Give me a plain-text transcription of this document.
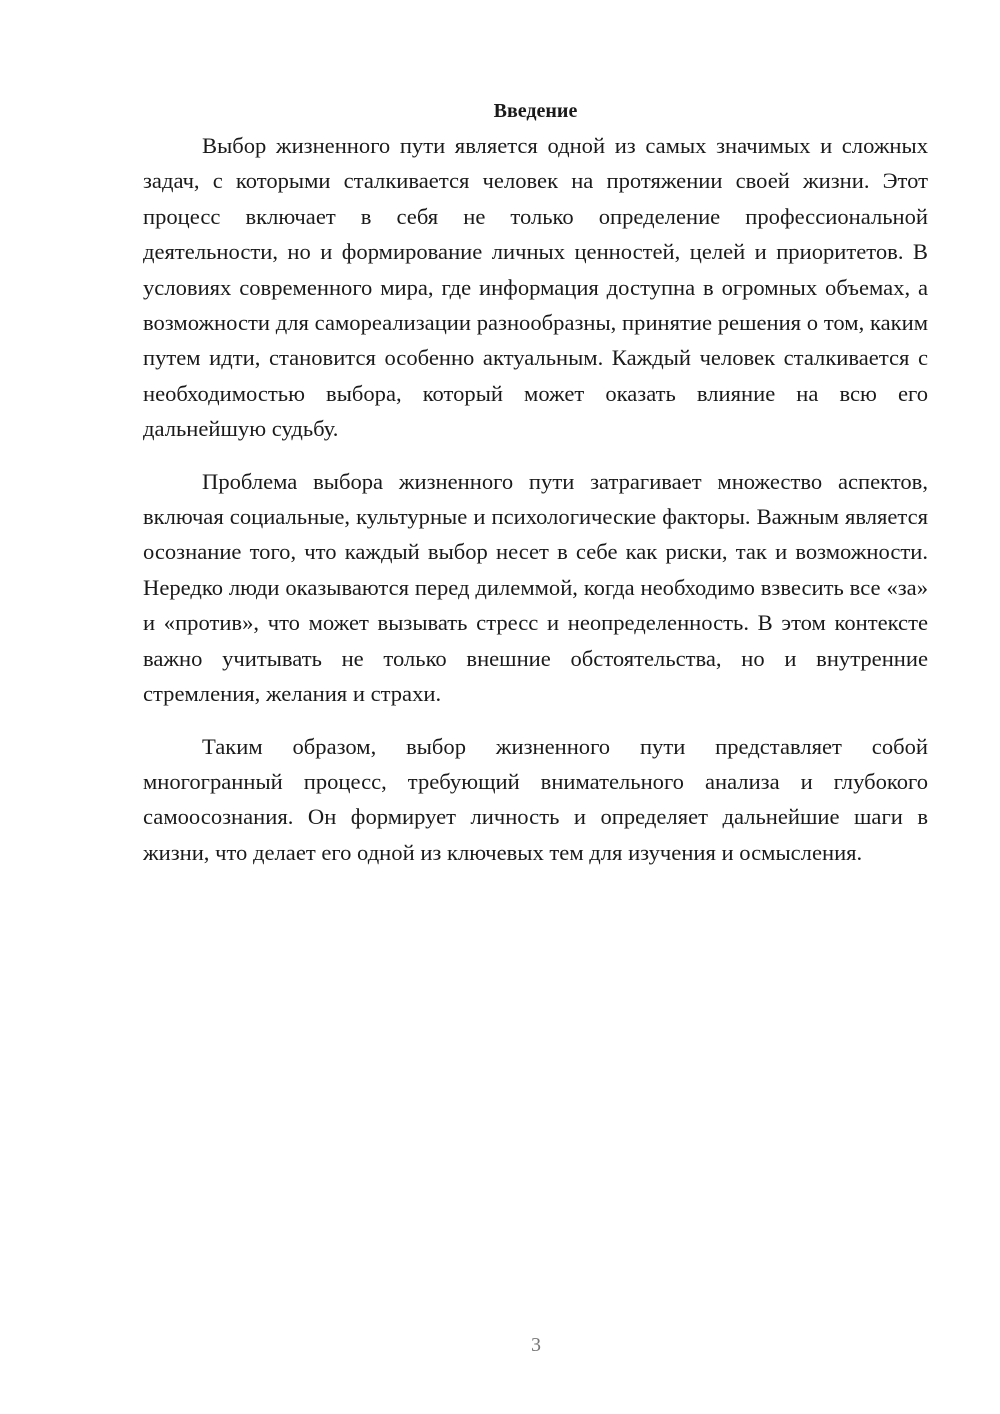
Введение

Выбор жизненного пути является одной из самых значимых и сложных задач, с которыми сталкивается человек на протяжении своей жизни. Этот процесс включает в себя не только определение профессиональной деятельности, но и формирование личных ценностей, целей и приоритетов. В условиях современного мира, где информация доступна в огромных объемах, а возможности для самореализации разнообразны, принятие решения о том, каким путем идти, становится особенно актуальным. Каждый человек сталкивается с необходимостью выбора, который может оказать влияние на всю его дальнейшую судьбу.

Проблема выбора жизненного пути затрагивает множество аспектов, включая социальные, культурные и психологические факторы. Важным является осознание того, что каждый выбор несет в себе как риски, так и возможности. Нередко люди оказываются перед дилеммой, когда необходимо взвесить все «за» и «против», что может вызывать стресс и неопределенность. В этом контексте важно учитывать не только внешние обстоятельства, но и внутренние стремления, желания и страхи.

Таким образом, выбор жизненного пути представляет собой многогранный процесс, требующий внимательного анализа и глубокого самоосознания. Он формирует личность и определяет дальнейшие шаги в жизни, что делает его одной из ключевых тем для изучения и осмысления.

3
